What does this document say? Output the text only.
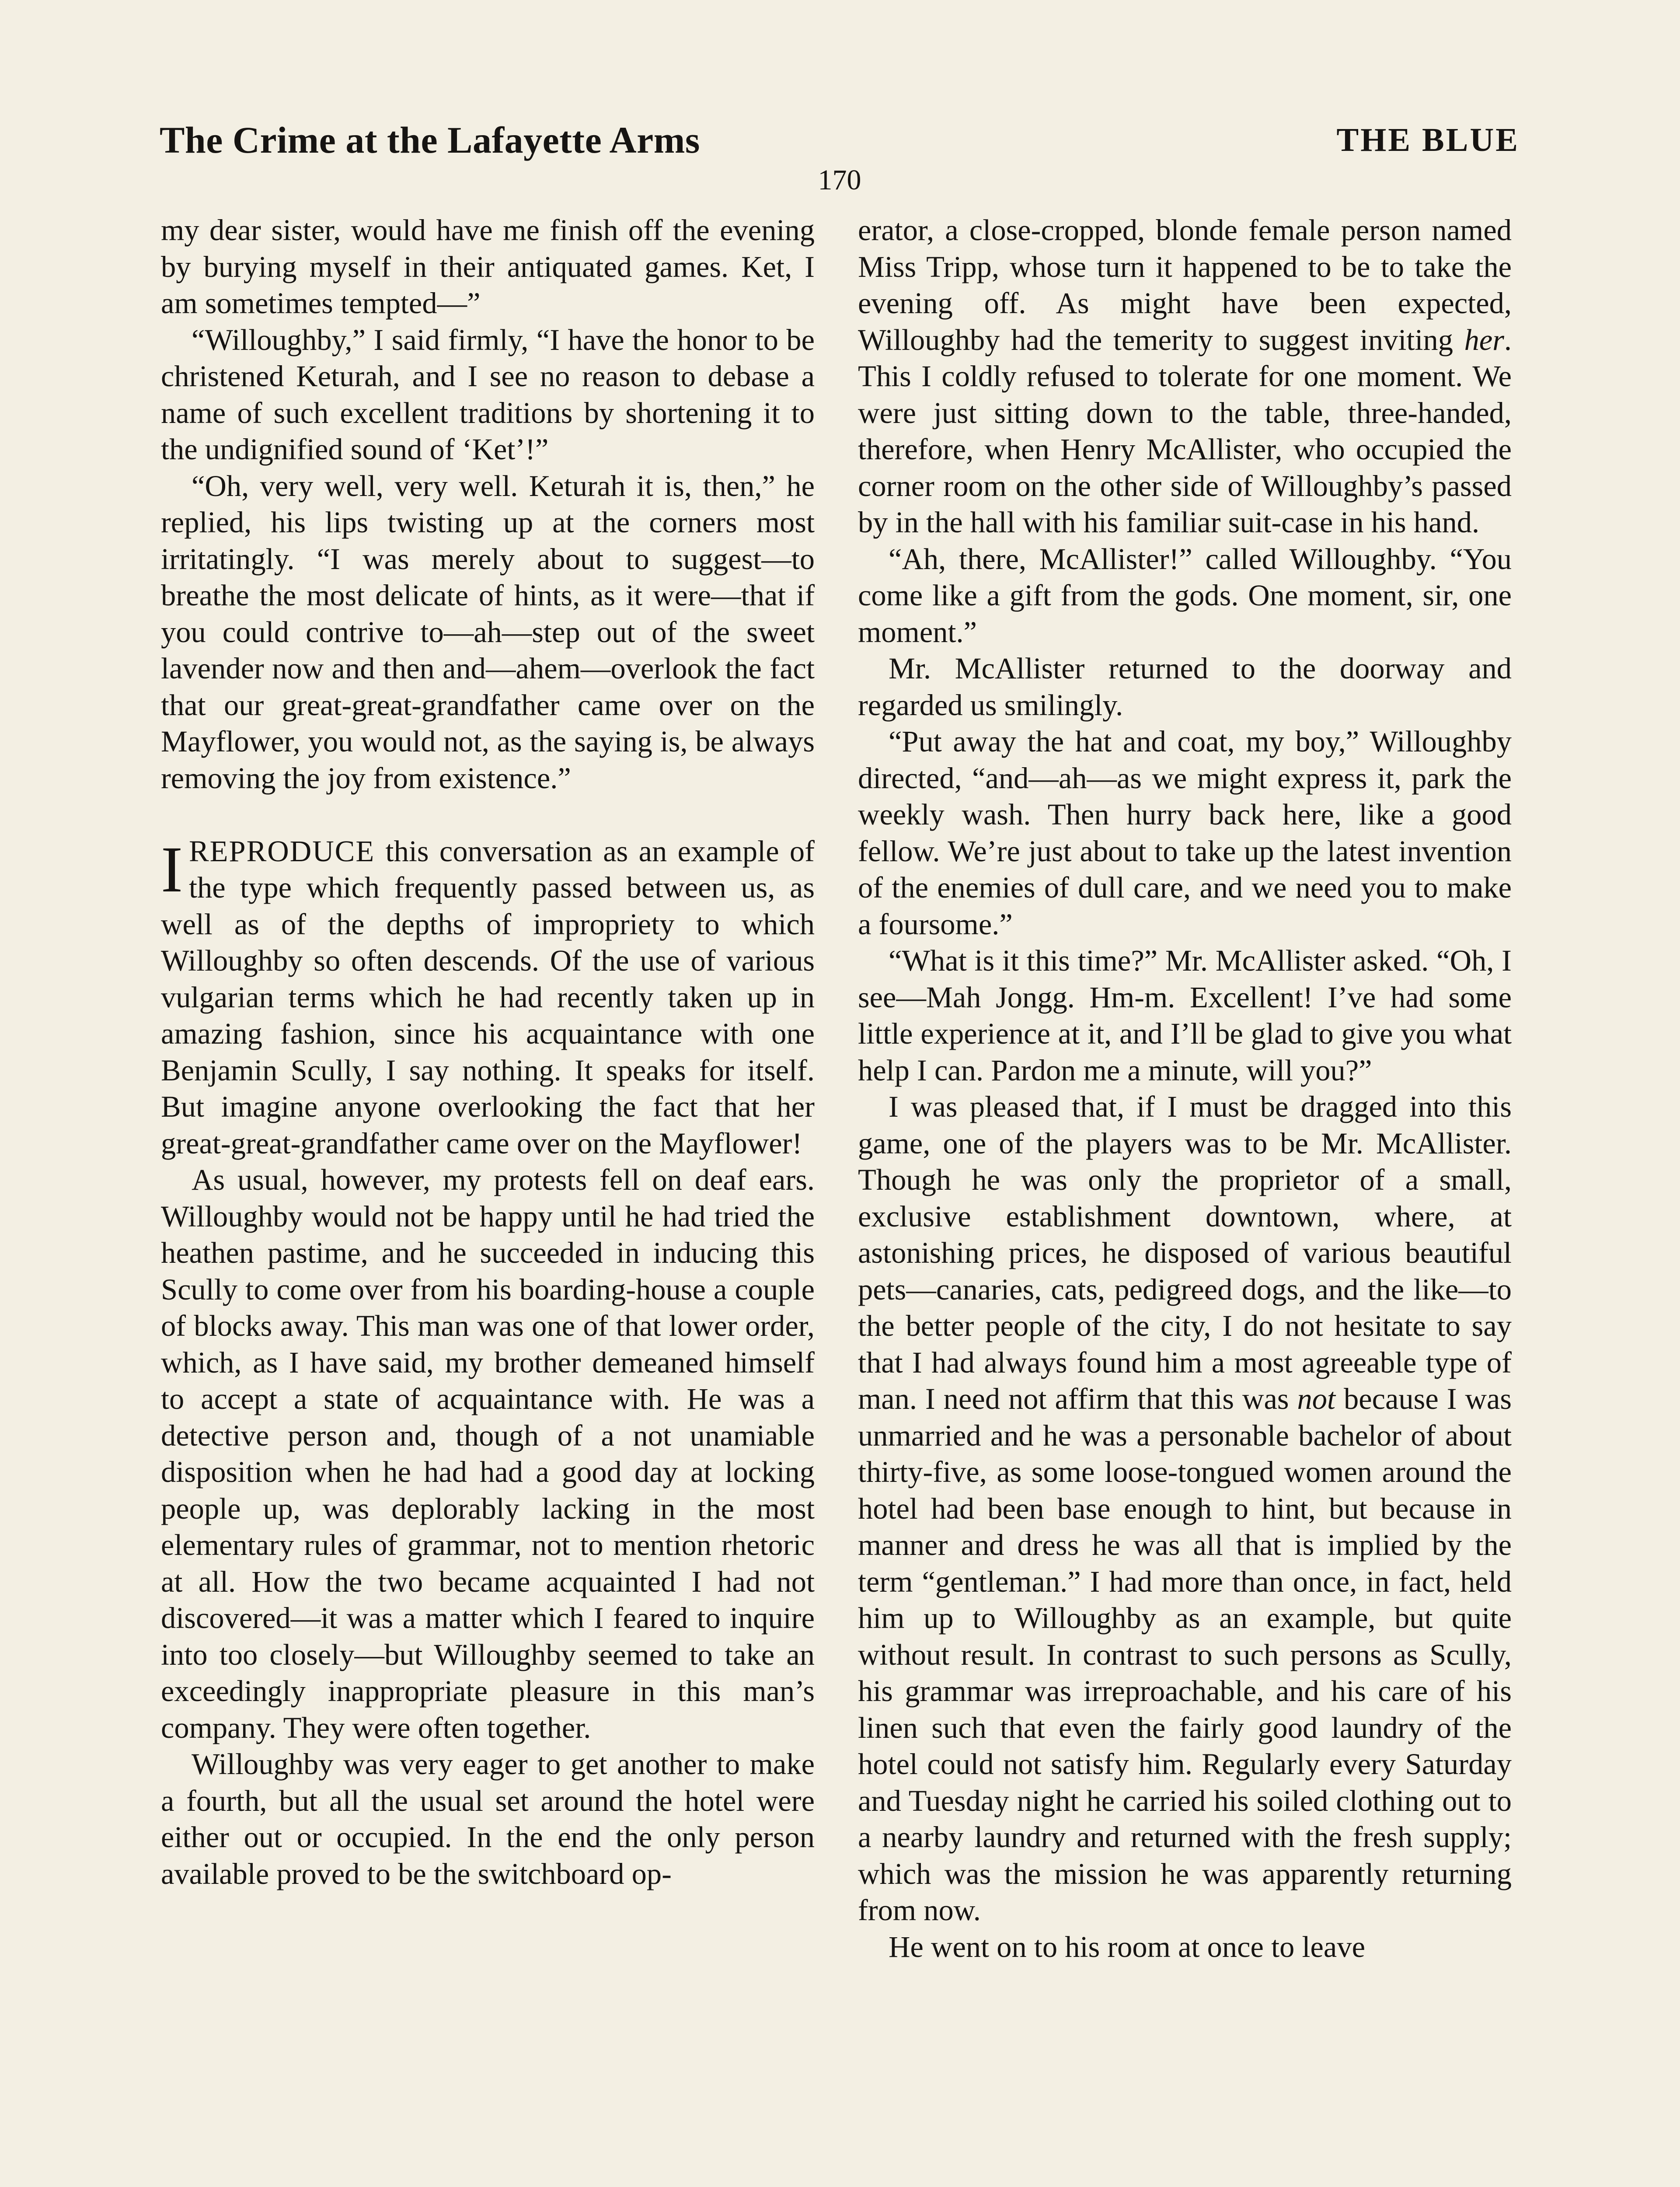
The Crime at the Lafayette Arms	THE BLUE
170

my dear sister, would have me finish off the evening by burying myself in their antiquated games. Ket, I am sometimes tempted—”

“Willoughby,” I said firmly, “I have the honor to be christened Keturah, and I see no reason to debase a name of such excellent traditions by shortening it to the undignified sound of ‘Ket’!”

“Oh, very well, very well. Keturah it is, then,” he replied, his lips twisting up at the corners most irritatingly. “I was merely about to suggest—to breathe the most delicate of hints, as it were—that if you could contrive to—ah—step out of the sweet lavender now and then and—ahem—overlook the fact that our great-great-grandfather came over on the Mayflower, you would not, as the saying is, be always removing the joy from existence.”

IREPRODUCE this conversation as an example of the type which frequently passed between us, as well as of the depths of impropriety to which Willoughby so often descends. Of the use of various vulgarian terms which he had recently taken up in amazing fashion, since his acquaintance with one Benjamin Scully, I say nothing. It speaks for itself. But imagine anyone overlooking the fact that her great-great-grandfather came over on the Mayflower!

As usual, however, my protests fell on deaf ears. Willoughby would not be happy until he had tried the heathen pastime, and he succeeded in inducing this Scully to come over from his boarding-house a couple of blocks away. This man was one of that lower order, which, as I have said, my brother demeaned himself to accept a state of acquaintance with. He was a detective person and, though of a not unamiable disposition when he had had a good day at locking people up, was deplorably lacking in the most elementary rules of grammar, not to mention rhetoric at all. How the two became acquainted I had not discovered—it was a matter which I feared to inquire into too closely—but Willoughby seemed to take an exceedingly inappropriate pleasure in this man’s company. They were often together.

Willoughby was very eager to get another to make a fourth, but all the usual set around the hotel were either out or occupied. In the end the only person available proved to be the switchboard op-

erator, a close-cropped, blonde female person named Miss Tripp, whose turn it happened to be to take the evening off. As might have been expected, Willoughby had the temerity to suggest inviting her. This I coldly refused to tolerate for one moment. We were just sitting down to the table, three-handed, therefore, when Henry McAllister, who occupied the corner room on the other side of Willoughby’s passed by in the hall with his familiar suit-case in his hand.

“Ah, there, McAllister!” called Willoughby. “You come like a gift from the gods. One moment, sir, one moment.”

Mr. McAllister returned to the doorway and regarded us smilingly.

“Put away the hat and coat, my boy,” Willoughby directed, “and—ah—as we might express it, park the weekly wash. Then hurry back here, like a good fellow. We’re just about to take up the latest invention of the enemies of dull care, and we need you to make a foursome.”

“What is it this time?” Mr. McAllister asked. “Oh, I see—Mah Jongg. Hm-m. Excellent! I’ve had some little experience at it, and I’ll be glad to give you what help I can. Pardon me a minute, will you?”

I was pleased that, if I must be dragged into this game, one of the players was to be Mr. McAllister. Though he was only the proprietor of a small, exclusive establishment downtown, where, at astonishing prices, he disposed of various beautiful pets—canaries, cats, pedigreed dogs, and the like—to the better people of the city, I do not hesitate to say that I had always found him a most agreeable type of man. I need not affirm that this was not because I was unmarried and he was a personable bachelor of about thirty-five, as some loose-tongued women around the hotel had been base enough to hint, but because in manner and dress he was all that is implied by the term “gentleman.” I had more than once, in fact, held him up to Willoughby as an example, but quite without result. In contrast to such persons as Scully, his grammar was irreproachable, and his care of his linen such that even the fairly good laundry of the hotel could not satisfy him. Regularly every Saturday and Tuesday night he carried his soiled clothing out to a nearby laundry and returned with the fresh supply; which was the mission he was apparently returning from now.

He went on to his room at once to leave
